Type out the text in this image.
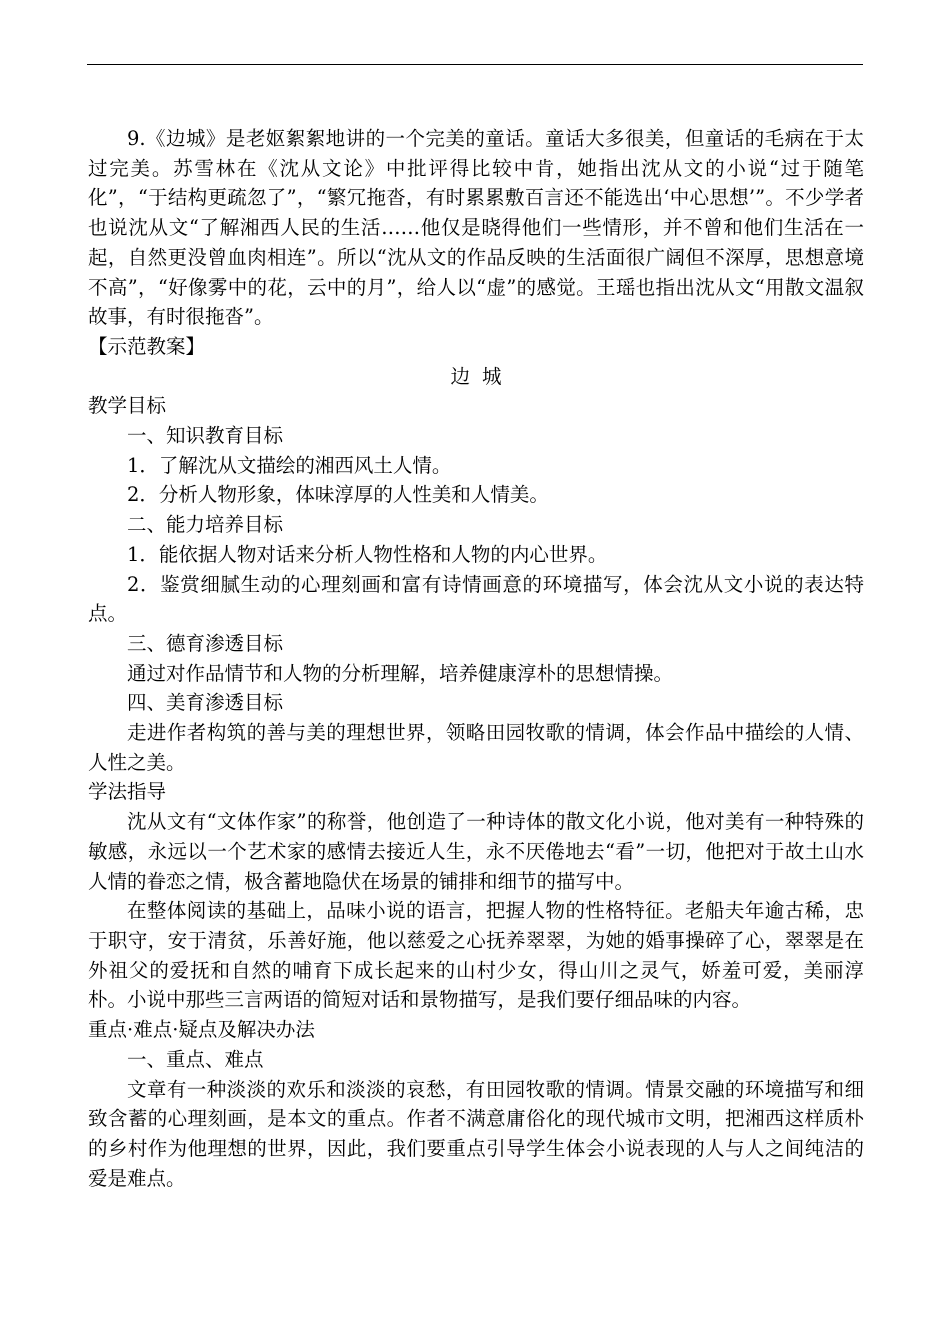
9.《边城》是老妪絮絮地讲的一个完美的童话。童话大多很美，但童话的毛病在于太过完美。苏雪林在《沈从文论》中批评得比较中肯，她指出沈从文的小说“过于随笔化”，“于结构更疏忽了”，“繁冗拖沓，有时累累敷百言还不能选出‘中心思想’”。不少学者也说沈从文“了解湘西人民的生活……他仅是晓得他们一些情形，并不曾和他们生活在一起，自然更没曾血肉相连”。所以“沈从文的作品反映的生活面很广阔但不深厚，思想意境不高”，“好像雾中的花，云中的月”，给人以“虚”的感觉。王瑶也指出沈从文“用散文温叙故事，有时很拖沓”。

【示范教案】

边城

教学目标

一、知识教育目标

1．了解沈从文描绘的湘西风土人情。

2．分析人物形象，体味淳厚的人性美和人情美。

二、能力培养目标

1．能依据人物对话来分析人物性格和人物的内心世界。

2．鉴赏细腻生动的心理刻画和富有诗情画意的环境描写，体会沈从文小说的表达特点。

三、德育渗透目标

通过对作品情节和人物的分析理解，培养健康淳朴的思想情操。

四、美育渗透目标

走进作者构筑的善与美的理想世界，领略田园牧歌的情调，体会作品中描绘的人情、人性之美。

学法指导

沈从文有“文体作家”的称誉，他创造了一种诗体的散文化小说，他对美有一种特殊的敏感，永远以一个艺术家的感情去接近人生，永不厌倦地去“看”一切，他把对于故土山水人情的眷恋之情，极含蓄地隐伏在场景的铺排和细节的描写中。

在整体阅读的基础上，品味小说的语言，把握人物的性格特征。老船夫年逾古稀，忠于职守，安于清贫，乐善好施，他以慈爱之心抚养翠翠，为她的婚事操碎了心，翠翠是在外祖父的爱抚和自然的哺育下成长起来的山村少女，得山川之灵气，娇羞可爱，美丽淳朴。小说中那些三言两语的简短对话和景物描写，是我们要仔细品味的内容。

重点·难点·疑点及解决办法

一、重点、难点

文章有一种淡淡的欢乐和淡淡的哀愁，有田园牧歌的情调。情景交融的环境描写和细致含蓄的心理刻画，是本文的重点。作者不满意庸俗化的现代城市文明，把湘西这样质朴的乡村作为他理想的世界，因此，我们要重点引导学生体会小说表现的人与人之间纯洁的爱是难点。
